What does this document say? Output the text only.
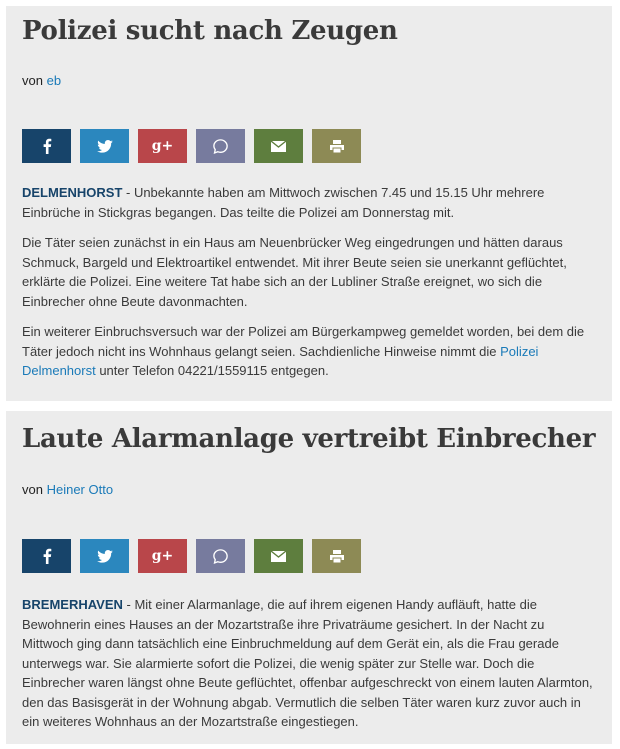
Polizei sucht nach Zeugen
von eb
g+

DELMENHORST - Unbekannte haben am Mittwoch zwischen 7.45 und 15.15 Uhr mehrere Einbrüche in Stickgras begangen. Das teilte die Polizei am Donnerstag mit.

Die Täter seien zunächst in ein Haus am Neuenbrücker Weg eingedrungen und hätten daraus Schmuck, Bargeld und Elektroartikel entwendet. Mit ihrer Beute seien sie unerkannt geflüchtet, erklärte die Polizei. Eine weitere Tat habe sich an der Lubliner Straße ereignet, wo sich die Einbrecher ohne Beute davonmachten.

Ein weiterer Einbruchsversuch war der Polizei am Bürgerkampweg gemeldet worden, bei dem die Täter jedoch nicht ins Wohnhaus gelangt seien. Sachdienliche Hinweise nimmt die Polizei Delmenhorst unter Telefon 04221/1559115 entgegen.

Laute Alarmanlage vertreibt Einbrecher
von Heiner Otto
g+

BREMERHAVEN - Mit einer Alarmanlage, die auf ihrem eigenen Handy aufläuft, hatte die Bewohnerin eines Hauses an der Mozartstraße ihre Privaträume gesichert. In der Nacht zu Mittwoch ging dann tatsächlich eine Einbruchmeldung auf dem Gerät ein, als die Frau gerade unterwegs war. Sie alarmierte sofort die Polizei, die wenig später zur Stelle war. Doch die Einbrecher waren längst ohne Beute geflüchtet, offenbar aufgeschreckt von einem lauten Alarmton, den das Basisgerät in der Wohnung abgab. Vermutlich die selben Täter waren kurz zuvor auch in ein weiteres Wohnhaus an der Mozartstraße eingestiegen.
